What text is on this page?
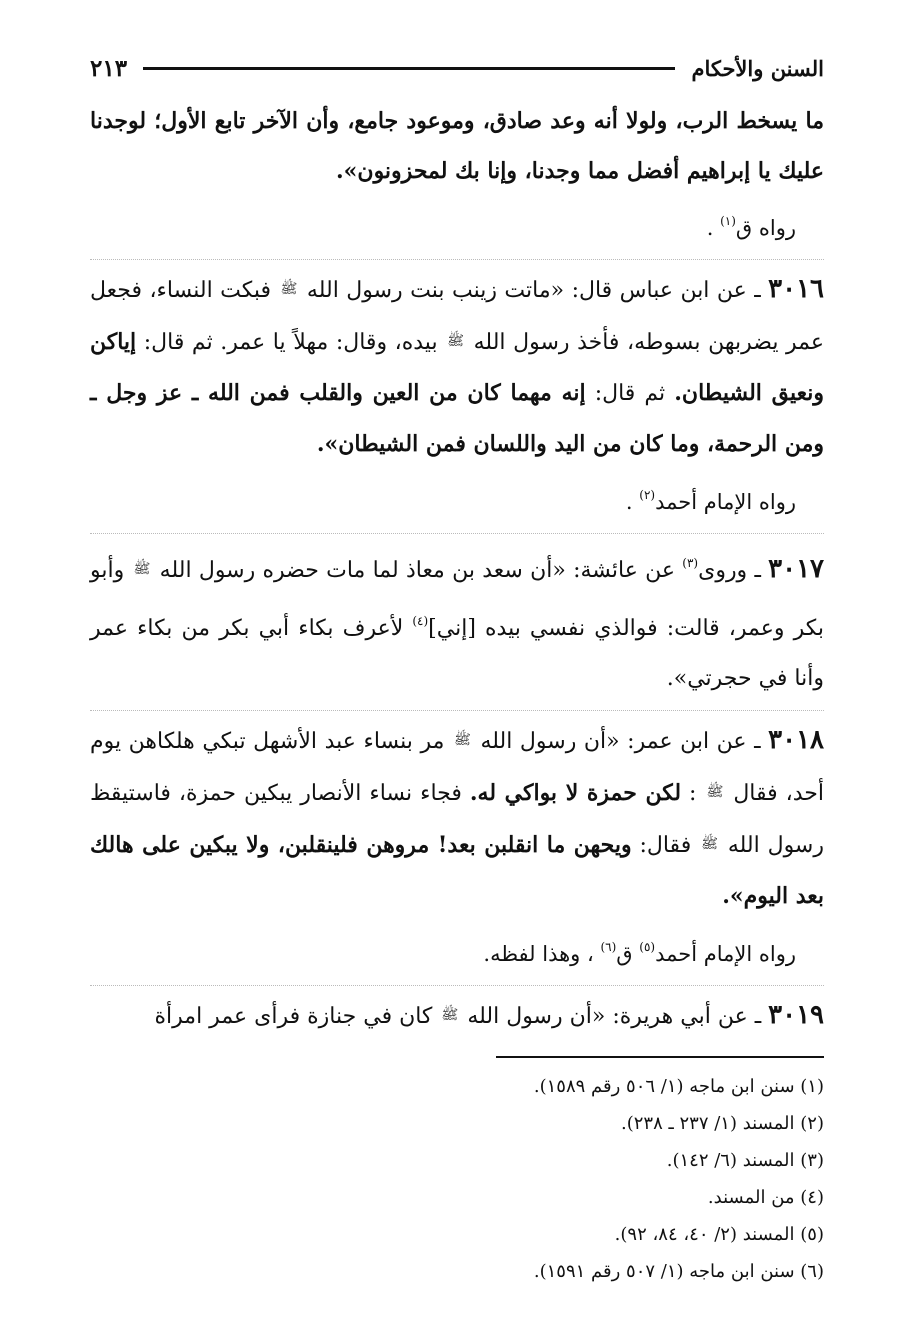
السنن والأحكام
٢١٣

ما يسخط الرب، ولولا أنه وعد صادق، وموعود جامع، وأن الآخر تابع الأول؛ لوجدنا عليك يا إبراهيم أفضل مما وجدنا، وإنا بك لمحزونون».

رواه ق$^{(١)}$ .

٣٠١٦ ـ عن ابن عباس قال: «ماتت زينب بنت رسول الله ﷺ فبكت النساء، فجعل عمر يضربهن بسوطه، فأخذ رسول الله ﷺ بيده، وقال: مهلاً يا عمر. ثم قال: إياكن ونعيق الشيطان. ثم قال: إنه مهما كان من العين والقلب فمن الله ـ عز وجل ـ ومن الرحمة، وما كان من اليد واللسان فمن الشيطان».

رواه الإمام أحمد$^{(٢)}$ .

٣٠١٧ ـ وروى$^{(٣)}$ عن عائشة: «أن سعد بن معاذ لما مات حضره رسول الله ﷺ وأبو بكر وعمر، قالت: فوالذي نفسي بيده [إني]$^{(٤)}$ لأعرف بكاء أبي بكر من بكاء عمر وأنا في حجرتي».

٣٠١٨ ـ عن ابن عمر: «أن رسول الله ﷺ مر بنساء عبد الأشهل تبكي هلكاهن يوم أحد، فقال ﷺ : لكن حمزة لا بواكي له. فجاء نساء الأنصار يبكين حمزة، فاستيقظ رسول الله ﷺ فقال: ويحهن ما انقلبن بعد! مروهن فلينقلبن، ولا يبكين على هالك بعد اليوم».

رواه الإمام أحمد$^{(٥)}$ ق$^{(٦)}$ ، وهذا لفظه.

٣٠١٩ ـ عن أبي هريرة: «أن رسول الله ﷺ كان في جنازة فرأى عمر امرأة

(١) سنن ابن ماجه (١/ ٥٠٦ رقم ١٥٨٩).

(٢) المسند (١/ ٢٣٧ ـ ٢٣٨).

(٣) المسند (٦/ ١٤٢).

(٤) من المسند.

(٥) المسند (٢/ ٤٠، ٨٤، ٩٢).

(٦) سنن ابن ماجه (١/ ٥٠٧ رقم ١٥٩١).
